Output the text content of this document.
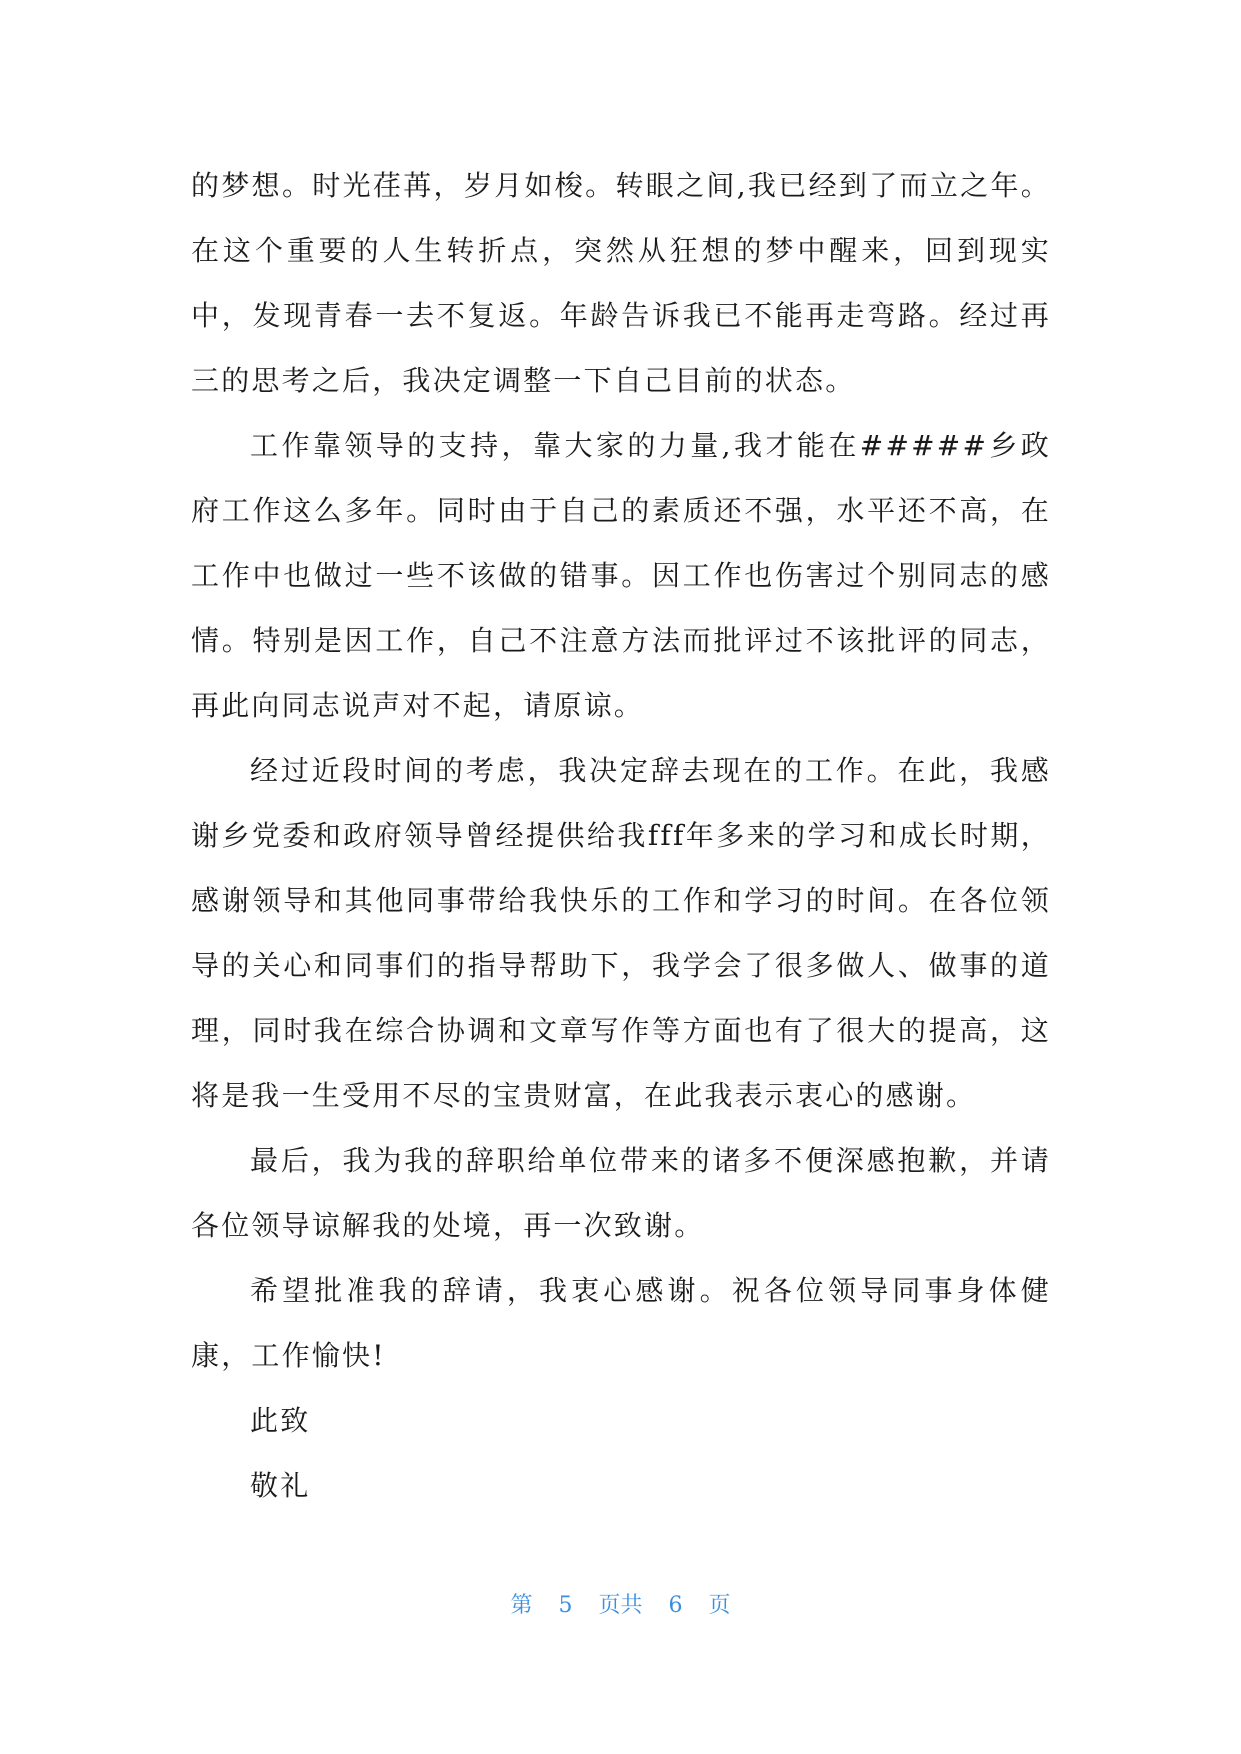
的梦想。时光荏苒，岁月如梭。转眼之间,我已经到了而立之年。在这个重要的人生转折点，突然从狂想的梦中醒来，回到现实中，发现青春一去不复返。年龄告诉我已不能再走弯路。经过再三的思考之后，我决定调整一下自己目前的状态。

工作靠领导的支持，靠大家的力量,我才能在#####乡政府工作这么多年。同时由于自己的素质还不强，水平还不高，在工作中也做过一些不该做的错事。因工作也伤害过个别同志的感情。特别是因工作，自己不注意方法而批评过不该批评的同志，再此向同志说声对不起，请原谅。

经过近段时间的考虑，我决定辞去现在的工作。在此，我感谢乡党委和政府领导曾经提供给我fff年多来的学习和成长时期，感谢领导和其他同事带给我快乐的工作和学习的时间。在各位领导的关心和同事们的指导帮助下，我学会了很多做人、做事的道理，同时我在综合协调和文章写作等方面也有了很大的提高，这将是我一生受用不尽的宝贵财富，在此我表示衷心的感谢。

最后，我为我的辞职给单位带来的诸多不便深感抱歉，并请各位领导谅解我的处境，再一次致谢。

希望批准我的辞请，我衷心感谢。祝各位领导同事身体健康，工作愉快!

此致

敬礼

第 5 页共 6 页
